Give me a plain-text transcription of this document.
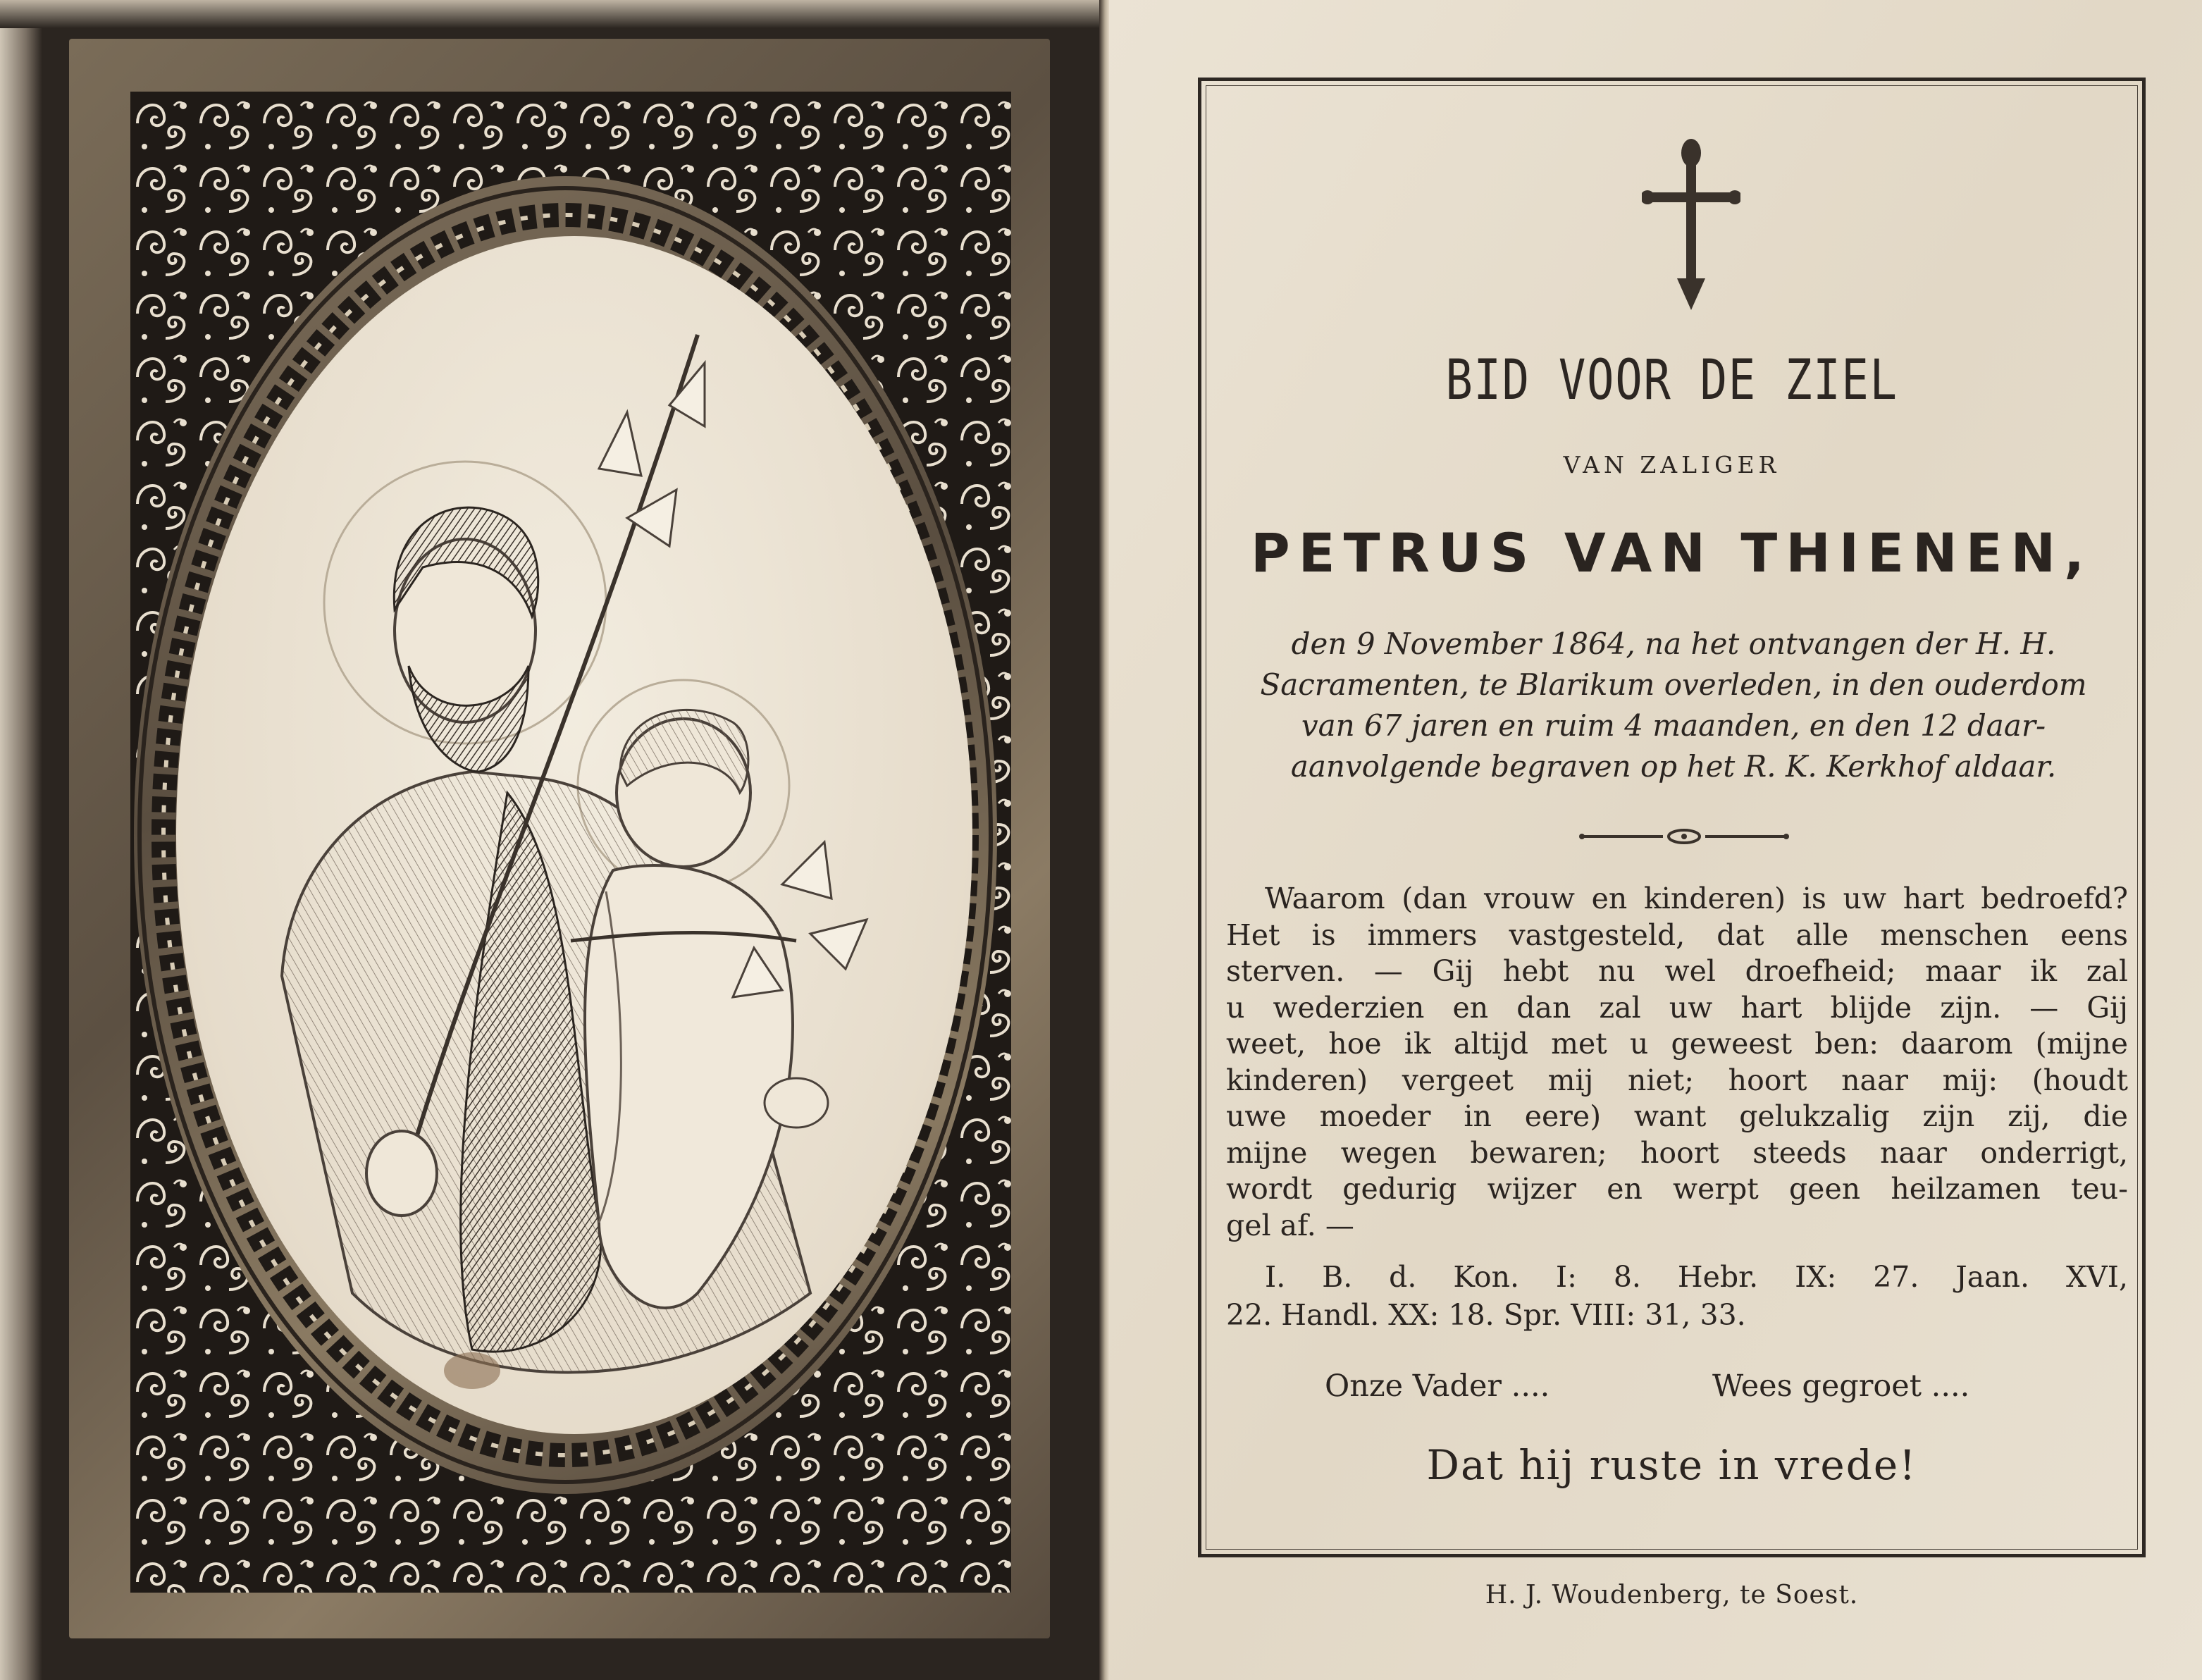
BID VOOR DE ZIEL
VAN ZALIGER
PETRUS VAN THIENEN,
den 9 November 1864, na het ontvangen der H. H.
Sacramenten, te Blarikum overleden, in den ouderdom
van 67 jaren en ruim 4 maanden, en den 12 daar-
aanvolgende begraven op het R. K. Kerkhof aldaar.
Waarom (dan vrouw en kinderen) is uw hart bedroefd?
Het is immers vastgesteld, dat alle menschen eens
sterven. — Gij hebt nu wel droefheid; maar ik zal
u wederzien en dan zal uw hart blijde zijn. — Gij
weet, hoe ik altijd met u geweest ben: daarom (mijne
kinderen) vergeet mij niet; hoort naar mij: (houdt
uwe moeder in eere) want gelukzalig zijn zij, die
mijne wegen bewaren; hoort steeds naar onderrigt,
wordt gedurig wijzer en werpt geen heilzamen teu-
gel af. —
I. B. d. Kon. I: 8. Hebr. IX: 27. Jaan. XVI,
22. Handl. XX: 18. Spr. VIII: 31, 33.
Onze Vader ....	Wees gegroet ....
Dat hij ruste in vrede!
H. J. Woudenberg, te Soest.
